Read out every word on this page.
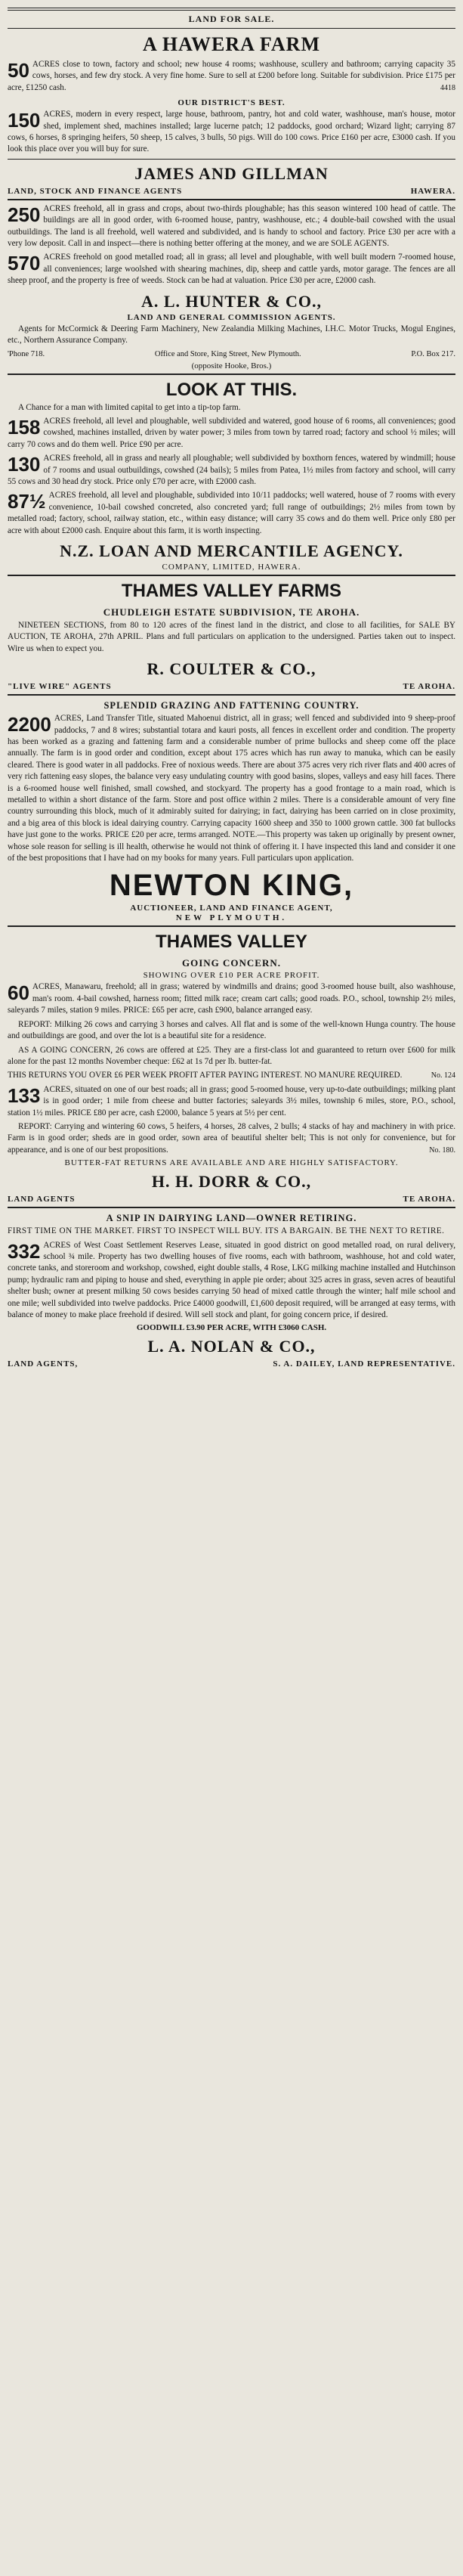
LAND FOR SALE.
A HAWERA FARM
50 ACRES close to town, factory and school; new house 4 rooms; washhouse, scullery and bathroom; carrying capacity 35 cows, horses, and few dry stock. A very fine home. Sure to sell at £200 before long. Suitable for subdivision. Price £175 per acre, £1250 cash.	4418
OUR DISTRICT'S BEST.
150 ACRES, modern in every respect, large house, bathroom, pantry, hot and cold water, washhouse, man's house, motor shed, implement shed, machines installed; large lucerne patch; 12 paddocks, good orchard; Wizard light; carrying 87 cows, 6 horses, 8 springing heifers, 50 sheep, 15 calves, 3 bulls, 50 pigs. Will do 100 cows. Price £160 per acre, £3000 cash. If you look this place over you will buy for sure.
JAMES AND GILLMAN
LAND, STOCK AND FINANCE AGENTS	HAWERA.
250 ACRES freehold, all in grass and crops, about two-thirds ploughable; has this season wintered 100 head of cattle. The buildings are all in good order, with 6-roomed house, pantry, washhouse, etc.; 4 double-bail cowshed with the usual outbuildings. The land is all freehold, well watered and subdivided, and is handy to school and factory. Price £30 per acre with a very low deposit. Call in and inspect—there is nothing better offering at the money, and we are SOLE AGENTS.
570 ACRES freehold on good metalled road; all in grass; all level and ploughable, with well built modern 7-roomed house, all conveniences; large woolshed with shearing machines, dip, sheep and cattle yards, motor garage. The fences are all sheep proof, and the property is free of weeds. Stock can be had at valuation. Price £30 per acre, £2000 cash.
A. L. HUNTER & CO.,
LAND AND GENERAL COMMISSION AGENTS.
Agents for McCormick & Deering Farm Machinery, New Zealandia Milking Machines, I.H.C. Motor Trucks, Mogul Engines, etc., Northern Assurance Company.
'Phone 718.	Office and Store, King Street, New Plymouth.	P.O. Box 217.
(opposite Hooke, Bros.)
LOOK AT THIS.
A Chance for a man with limited capital to get into a tip-top farm.
158 ACRES freehold, all level and ploughable, well subdivided and watered, good house of 6 rooms, all conveniences; good cowshed, machines installed, driven by water power; 3 miles from town by tarred road; factory and school ½ miles; will carry 70 cows and do them well. Price £90 per acre.
130 ACRES freehold, all in grass and nearly all ploughable; well subdivided by boxthorn fences, watered by windmill; house of 7 rooms and usual outbuildings, cowshed (24 bails); 5 miles from Patea, 1½ miles from factory and school, will carry 55 cows and 30 head dry stock. Price only £70 per acre, with £2000 cash.
87½ ACRES freehold, all level and ploughable, subdivided into 10/11 paddocks; well watered, house of 7 rooms with every convenience, 10-bail cowshed concreted, also concreted yard; full range of outbuildings; 2½ miles from town by metalled road; factory, school, railway station, etc., within easy distance; will carry 35 cows and do them well. Price only £80 per acre with about £2000 cash. Enquire about this farm, it is worth inspecting.
N.Z. LOAN AND MERCANTILE AGENCY.
COMPANY, LIMITED, HAWERA.
THAMES VALLEY FARMS
CHUDLEIGH ESTATE SUBDIVISION, TE AROHA.
NINETEEN SECTIONS, from 80 to 120 acres of the finest land in the district, and close to all facilities, for SALE BY AUCTION, TE AROHA, 27th APRIL. Plans and full particulars on application to the undersigned. Parties taken out to inspect. Wire us when to expect you.
R. COULTER & CO.,
"LIVE WIRE" AGENTS	TE AROHA.
SPLENDID GRAZING AND FATTENING COUNTRY.
2200 ACRES, Land Transfer Title, situated Mahoenui district, all in grass; well fenced and subdivided into 9 sheep-proof paddocks, 7 and 8 wires; substantial totara and kauri posts, all fences in excellent order and condition. The property has been worked as a grazing and fattening farm and a considerable number of prime bullocks and sheep come off the place annually. The farm is in good order and condition, except about 175 acres which has run away to manuka, which can be easily cleared. There is good water in all paddocks. Free of noxious weeds. There are about 375 acres very rich river flats and 400 acres of very rich fattening easy slopes, the balance very easy undulating country with good basins, slopes, valleys and easy hill faces. There is a 6-roomed house well finished, small cowshed, and stockyard. The property has a good frontage to a main road, which is metalled to within a short distance of the farm. Store and post office within 2 miles. There is a considerable amount of very fine country surrounding this block, much of it admirably suited for dairying; in fact, dairying has been carried on in close proximity, and a big area of this block is ideal dairying country. Carrying capacity 1600 sheep and 350 to 1000 grown cattle. 300 fat bullocks have just gone to the works. PRICE £20 per acre, terms arranged. NOTE.—This property was taken up originally by present owner, whose sole reason for selling is ill health, otherwise he would not think of offering it. I have inspected this land and consider it one of the best propositions that I have had on my books for many years. Full particulars upon application.
NEWTON KING,
AUCTIONEER, LAND AND FINANCE AGENT,
NEW PLYMOUTH.
THAMES VALLEY
GOING CONCERN.
SHOWING OVER £10 PER ACRE PROFIT.
60 ACRES, Manawaru, freehold; all in grass; watered by windmills and drains; good 3-roomed house built, also washhouse, man's room. 4-bail cowshed, harness room; fitted milk race; cream cart calls; good roads. P.O., school, township 2½ miles, saleyards 7 miles, station 9 miles. PRICE: £65 per acre, cash £900, balance arranged easy.
REPORT: Milking 26 cows and carrying 3 horses and calves. All flat and is some of the well-known Hunga country. The house and outbuildings are good, and over the lot is a beautiful site for a residence.
AS A GOING CONCERN, 26 cows are offered at £25. They are a first-class lot and guaranteed to return over £600 for milk alone for the past 12 months November cheque: £62 at 1s 7d per lb. butter-fat.
THIS RETURNS YOU OVER £6 PER WEEK PROFIT AFTER PAYING INTEREST. NO MANURE REQUIRED.	No. 124
133 ACRES, situated on one of our best roads; all in grass; good 5-roomed house, very up-to-date outbuildings; milking plant is in good order; 1 mile from cheese and butter factories; saleyards 3½ miles, township 6 miles, store, P.O., school, station 1½ miles. PRICE £80 per acre, cash £2000, balance 5 years at 5½ per cent.
REPORT: Carrying and wintering 60 cows, 5 heifers, 4 horses, 28 calves, 2 bulls; 4 stacks of hay and machinery in with price. Farm is in good order; sheds are in good order, sown area of beautiful shelter belt; This is not only for convenience, but for appearance, and is one of our best propositions.	No. 180.
BUTTER-FAT RETURNS ARE AVAILABLE AND ARE HIGHLY SATISFACTORY.
H. H. DORR & CO.,
LAND AGENTS	TE AROHA.
A SNIP IN DAIRYING LAND—OWNER RETIRING.
FIRST TIME ON THE MARKET. FIRST TO INSPECT WILL BUY. ITS A BARGAIN. BE THE NEXT TO RETIRE.
332 ACRES of West Coast Settlement Reserves Lease, situated in good district on good metalled road, on rural delivery, school ¾ mile. Property has two dwelling houses of five rooms, each with bathroom, washhouse, hot and cold water, concrete tanks, and storeroom and workshop, cowshed, eight double stalls, 4 Rose, LKG milking machine installed and Hutchinson pump; hydraulic ram and piping to house and shed, everything in apple pie order; about 325 acres in grass, seven acres of beautiful shelter bush; owner at present milking 50 cows besides carrying 50 head of mixed cattle through the winter; half mile school and one mile; well subdivided into twelve paddocks. Price £4000 goodwill, £1,600 deposit required, will be arranged at easy terms, with balance of money to make place freehold if desired. Will sell stock and plant, for going concern price, if desired.
GOODWILL £3.90 PER ACRE, WITH £3060 CASH.
L. A. NOLAN & CO.,
LAND AGENTS,	S. A. DAILEY, LAND REPRESENTATIVE.
